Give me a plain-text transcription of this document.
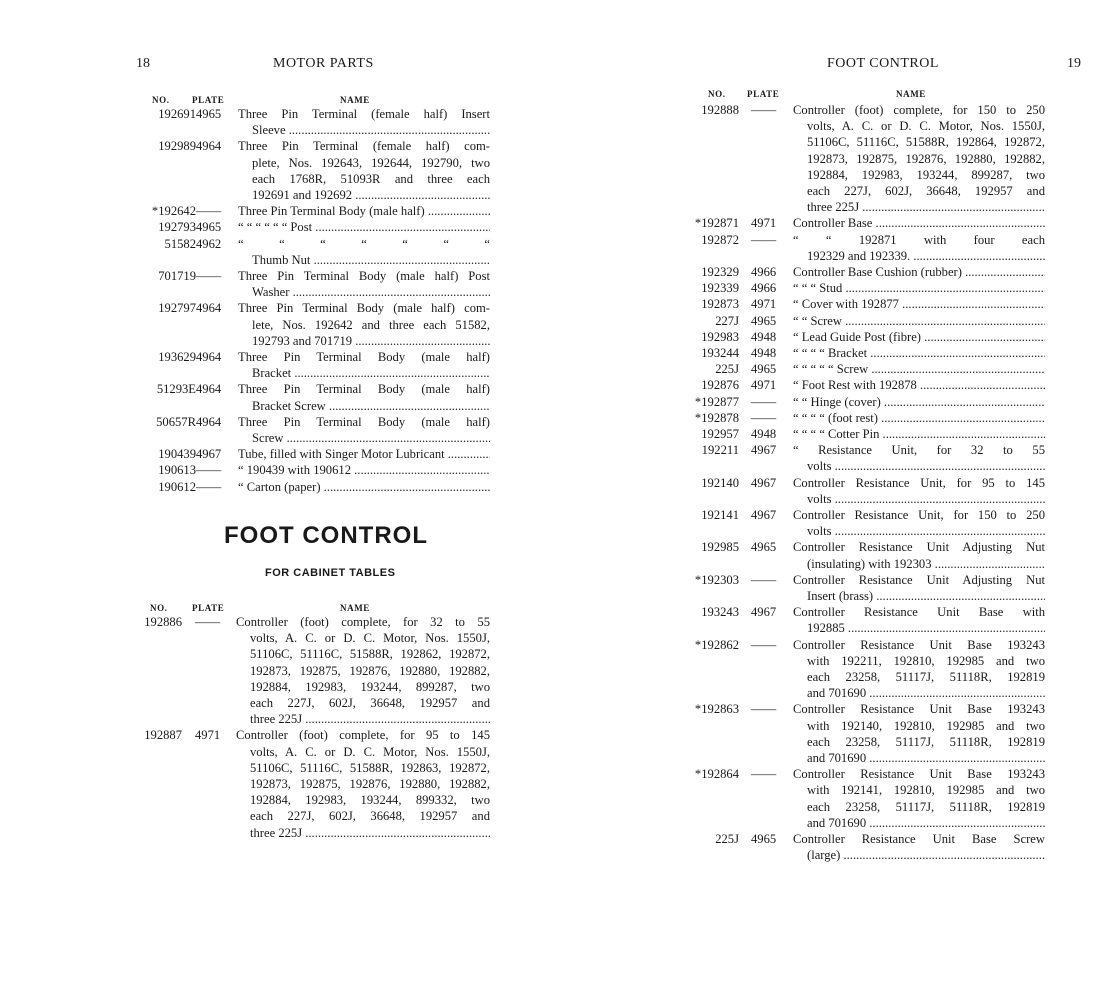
18	MOTOR PARTS
NO. PLATE	NAME
192691 4965 Three Pin Terminal (female half) Insert
Sleeve .....
192989 4964 Three Pin Terminal (female half) com-
plete, Nos. 192643, 192644, 192790, two
each 1768R, 51093R and three each
192691 and 192692 .....
*192642 —— Three Pin Terminal Body (male half) .....
192793 4965 “ “ “ “ “ “ Post .....
51582 4962 “ “ “ “ “ “ “
Thumb Nut .....
701719 —— Three Pin Terminal Body (male half) Post
Washer .....
192797 4964 Three Pin Terminal Body (male half) com-
lete, Nos. 192642 and three each 51582,
192793 and 701719 .....
193629 4964 Three Pin Terminal Body (male half)
Bracket .....
51293E 4964 Three Pin Terminal Body (male half)
Bracket Screw .....
50657R 4964 Three Pin Terminal Body (male half)
Screw .....
190439 4967 Tube, filled with Singer Motor Lubricant .....
190613 —— “ 190439 with 190612 .....
190612 —— “ Carton (paper) .....
FOOT CONTROL
FOR CABINET TABLES
NO.	PLATE	NAME
192886 —— Controller (foot) complete, for 32 to 55
volts, A. C. or D. C. Motor, Nos. 1550J,
51106C, 51116C, 51588R, 192862, 192872,
192873, 192875, 192876, 192880, 192882,
192884, 192983, 193244, 899287, two
each 227J, 602J, 36648, 192957 and
three 225J .....
192887 4971 Controller (foot) complete, for 95 to 145
volts, A. C. or D. C. Motor, Nos. 1550J,
51106C, 51116C, 51588R, 192863, 192872,
192873, 192875, 192876, 192880, 192882,
192884, 192983, 193244, 899332, two
each 227J, 602J, 36648, 192957 and
three 225J .....
FOOT CONTROL	19
NO. PLATE	NAME
192888 —— Controller (foot) complete, for 150 to 250
volts, A. C. or D. C. Motor, Nos. 1550J,
51106C, 51116C, 51588R, 192864, 192872,
192873, 192875, 192876, 192880, 192882,
192884, 192983, 193244, 899287, two
each 227J, 602J, 36648, 192957 and
three 225J .....
*192871 4971 Controller Base .....
192872 —— “ “ 192871 with four each
192329 and 192339. .....
192329 4966 Controller Base Cushion (rubber) .....
192339 4966 “ “ “ Stud .....
192873 4971 “ Cover with 192877 .....
227J 4965 “ “ Screw .....
192983 4948 “ Lead Guide Post (fibre) .....
193244 4948 “ “ “ “ Bracket .....
225J 4965 “ “ “ “ “ Screw .....
192876 4971 “ Foot Rest with 192878 .....
*192877 —— “ “ Hinge (cover) .....
*192878 —— “ “ “ “ (foot rest) .....
192957 4948 “ “ “ “ Cotter Pin .....
192211 4967 “ Resistance Unit, for 32 to 55
volts .....
192140 4967 Controller Resistance Unit, for 95 to 145
volts .....
192141 4967 Controller Resistance Unit, for 150 to 250
volts .....
192985 4965 Controller Resistance Unit Adjusting Nut
(insulating) with 192303 .....
*192303 —— Controller Resistance Unit Adjusting Nut
Insert (brass) .....
193243 4967 Controller Resistance Unit Base with
192885 .....
*192862 —— Controller Resistance Unit Base 193243
with 192211, 192810, 192985 and two
each 23258, 51117J, 51118R, 192819
and 701690 .....
*192863 —— Controller Resistance Unit Base 193243
with 192140, 192810, 192985 and two
each 23258, 51117J, 51118R, 192819
and 701690 .....
*192864 —— Controller Resistance Unit Base 193243
with 192141, 192810, 192985 and two
each 23258, 51117J, 51118R, 192819
and 701690 .....
225J 4965 Controller Resistance Unit Base Screw
(large) .....
